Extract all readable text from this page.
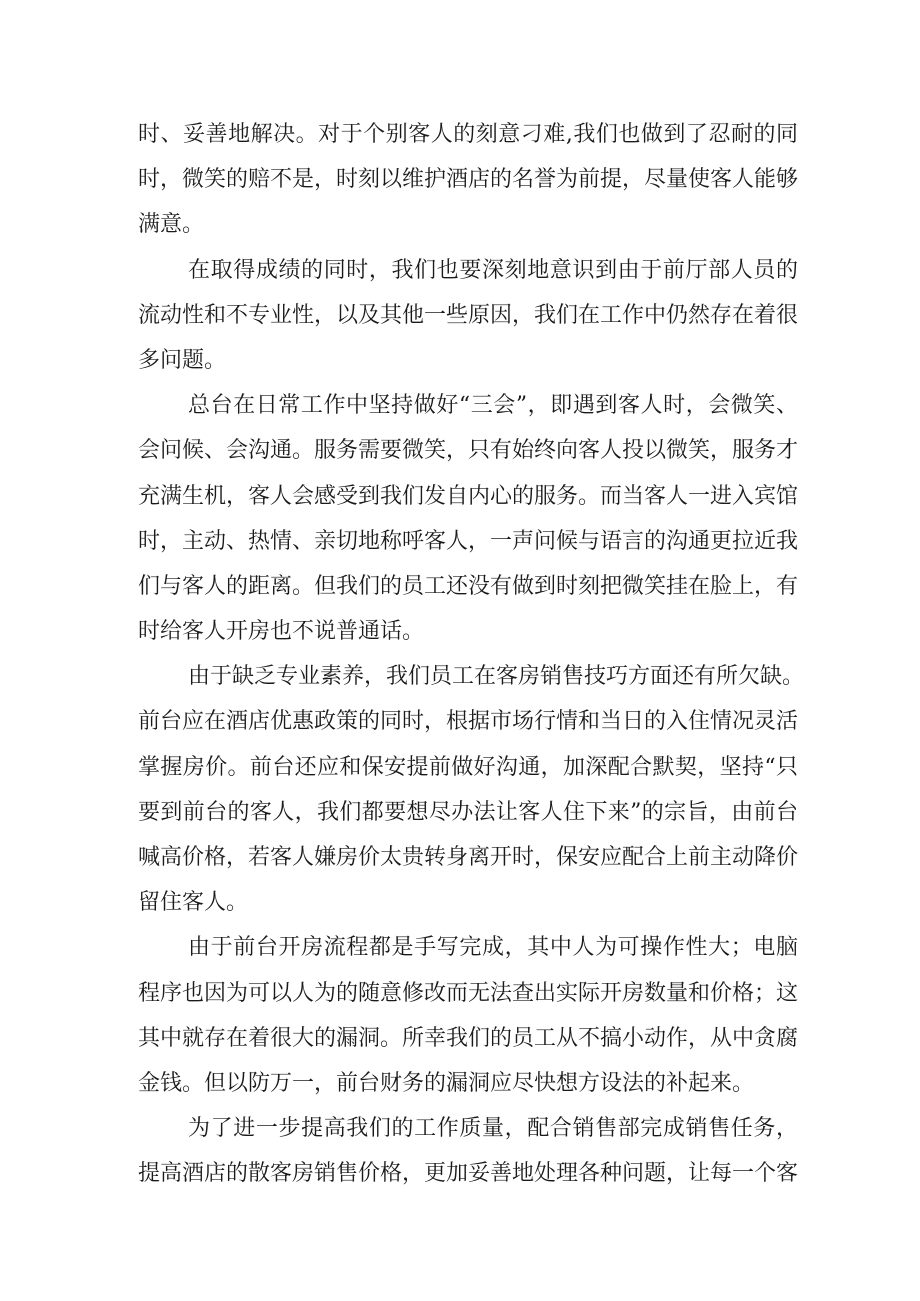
时、妥善地解决。对于个别客人的刻意刁难,我们也做到了忍耐的同
时，微笑的赔不是，时刻以维护酒店的名誉为前提，尽量使客人能够
满意。
在取得成绩的同时，我们也要深刻地意识到由于前厅部人员的
流动性和不专业性，以及其他一些原因，我们在工作中仍然存在着很
多问题。
总台在日常工作中坚持做好“三会”，即遇到客人时，会微笑、
会问候、会沟通。服务需要微笑，只有始终向客人投以微笑，服务才
充满生机，客人会感受到我们发自内心的服务。而当客人一进入宾馆
时，主动、热情、亲切地称呼客人，一声问候与语言的沟通更拉近我
们与客人的距离。但我们的员工还没有做到时刻把微笑挂在脸上，有
时给客人开房也不说普通话。
由于缺乏专业素养，我们员工在客房销售技巧方面还有所欠缺。
前台应在酒店优惠政策的同时，根据市场行情和当日的入住情况灵活
掌握房价。前台还应和保安提前做好沟通，加深配合默契，坚持“只
要到前台的客人，我们都要想尽办法让客人住下来”的宗旨，由前台
喊高价格，若客人嫌房价太贵转身离开时，保安应配合上前主动降价
留住客人。
由于前台开房流程都是手写完成，其中人为可操作性大；电脑
程序也因为可以人为的随意修改而无法查出实际开房数量和价格；这
其中就存在着很大的漏洞。所幸我们的员工从不搞小动作，从中贪腐
金钱。但以防万一，前台财务的漏洞应尽快想方设法的补起来。
为了进一步提高我们的工作质量，配合销售部完成销售任务，
提高酒店的散客房销售价格，更加妥善地处理各种问题，让每一个客
